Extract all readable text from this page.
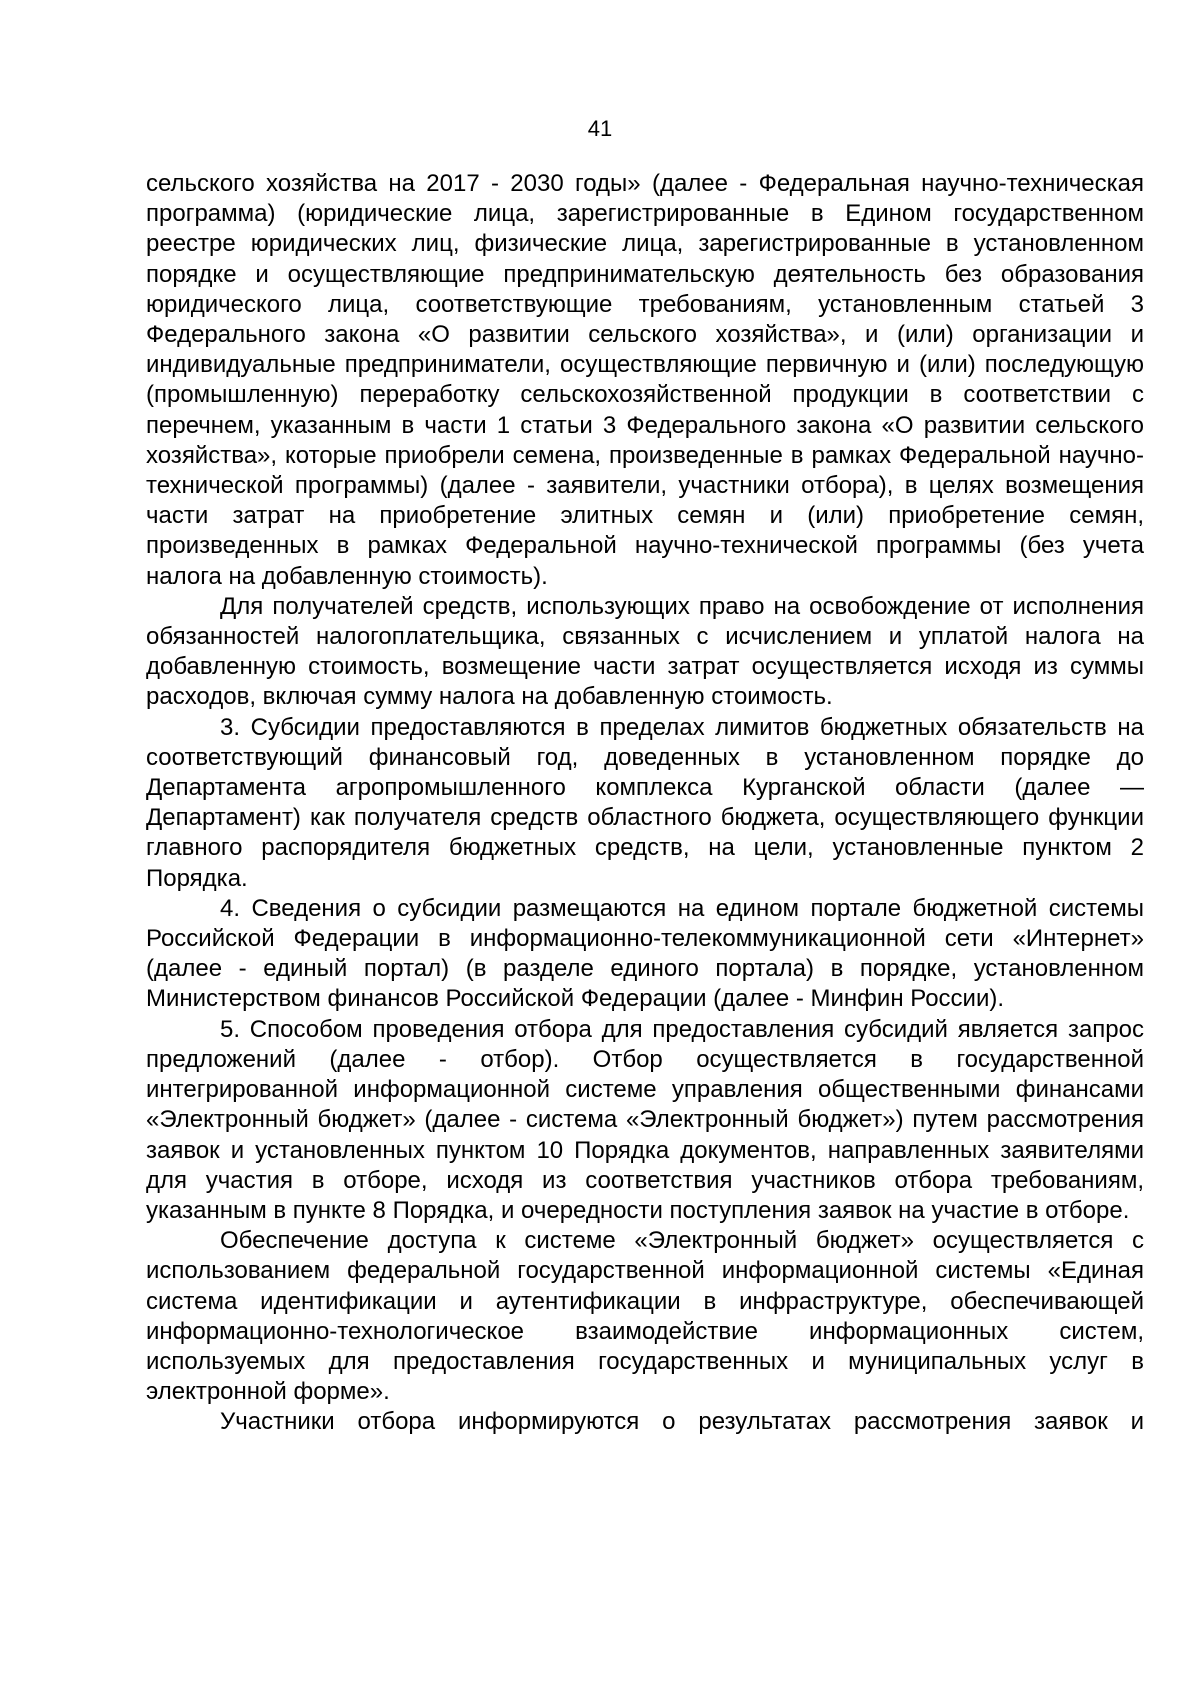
41

сельского хозяйства на 2017 - 2030 годы» (далее - Федеральная научно-техническая программа) (юридические лица, зарегистрированные в Едином государственном реестре юридических лиц, физические лица, зарегистрированные в установленном порядке и осуществляющие предпринимательскую деятельность без образования юридического лица, соответствующие требованиям, установленным статьей 3 Федерального закона «О развитии сельского хозяйства», и (или) организации и индивидуальные предприниматели, осуществляющие первичную и (или) последующую (промышленную) переработку сельскохозяйственной продукции в соответствии с перечнем, указанным в части 1 статьи 3 Федерального закона «О развитии сельского хозяйства», которые приобрели семена, произведенные в рамках Федеральной научно-технической программы) (далее - заявители, участники отбора), в целях возмещения части затрат на приобретение элитных семян и (или) приобретение семян, произведенных в рамках Федеральной научно-технической программы (без учета налога на добавленную стоимость).

Для получателей средств, использующих право на освобождение от исполнения обязанностей налогоплательщика, связанных с исчислением и уплатой налога на добавленную стоимость, возмещение части затрат осуществляется исходя из суммы расходов, включая сумму налога на добавленную стоимость.

3. Субсидии предоставляются в пределах лимитов бюджетных обязательств на соответствующий финансовый год, доведенных в установленном порядке до Департамента агропромышленного комплекса Курганской области (далее — Департамент) как получателя средств областного бюджета, осуществляющего функции главного распорядителя бюджетных средств, на цели, установленные пунктом 2 Порядка.

4. Сведения о субсидии размещаются на едином портале бюджетной системы Российской Федерации в информационно-телекоммуникационной сети «Интернет» (далее - единый портал) (в разделе единого портала) в порядке, установленном Министерством финансов Российской Федерации (далее - Минфин России).

5. Способом проведения отбора для предоставления субсидий является запрос предложений (далее - отбор). Отбор осуществляется в государственной интегрированной информационной системе управления общественными финансами «Электронный бюджет» (далее - система «Электронный бюджет») путем рассмотрения заявок и установленных пунктом 10 Порядка документов, направленных заявителями для участия в отборе, исходя из соответствия участников отбора требованиям, указанным в пункте 8 Порядка, и очередности поступления заявок на участие в отборе.

Обеспечение доступа к системе «Электронный бюджет» осуществляется с использованием федеральной государственной информационной системы «Единая система идентификации и аутентификации в инфраструктуре, обеспечивающей информационно-технологическое взаимодействие информационных систем, используемых для предоставления государственных и муниципальных услуг в электронной форме».

Участники отбора информируются о результатах рассмотрения заявок и
